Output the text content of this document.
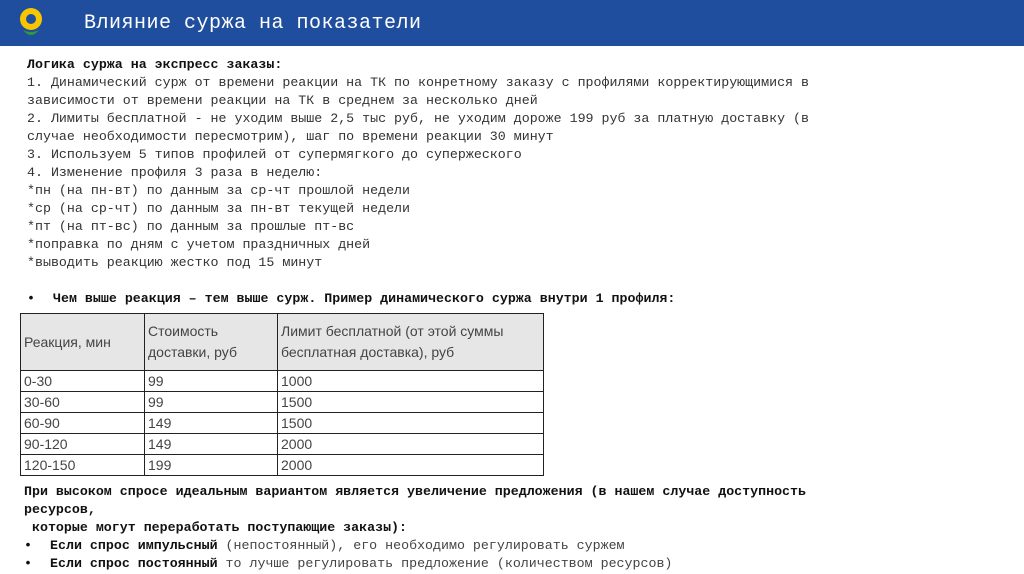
Влияние суржа на показатели
Логика суржа на экспресс заказы:
1. Динамический сурж от времени реакции на ТК по конретному заказу с профилями корректирующимися в
зависимости от времени реакции на ТК в среднем за несколько дней
2. Лимиты бесплатной - не уходим выше 2,5 тыс руб, не уходим дороже 199 руб за платную доставку (в
случае необходимости пересмотрим), шаг по времени реакции 30 минут
3. Используем 5 типов профилей от супермягкого до супержеского
4. Изменение профиля 3 раза в неделю:
*пн (на пн-вт) по данным за ср-чт прошлой недели
*ср (на ср-чт) по данным за пн-вт текущей недели
*пт (на пт-вс) по данным за прошлые пт-вс
*поправка по дням с учетом праздничных дней
*выводить реакцию жестко под 15 минут
• Чем выше реакция – тем выше сурж. Пример динамического суржа внутри 1 профиля:
Реакция, мин	Стоимость доставки, руб	Лимит бесплатной (от этой суммы бесплатная доставка), руб
0-30	99	1000
30-60	99	1500
60-90	149	1500
90-120	149	2000
120-150	199	2000
При высоком спросе идеальным вариантом является увеличение предложения (в нашем случае доступность
ресурсов,
которые могут переработать поступающие заказы):
• Если спрос импульсный (непостоянный), его необходимо регулировать суржем
• Если спрос постоянный то лучше регулировать предложение (количеством ресурсов)
